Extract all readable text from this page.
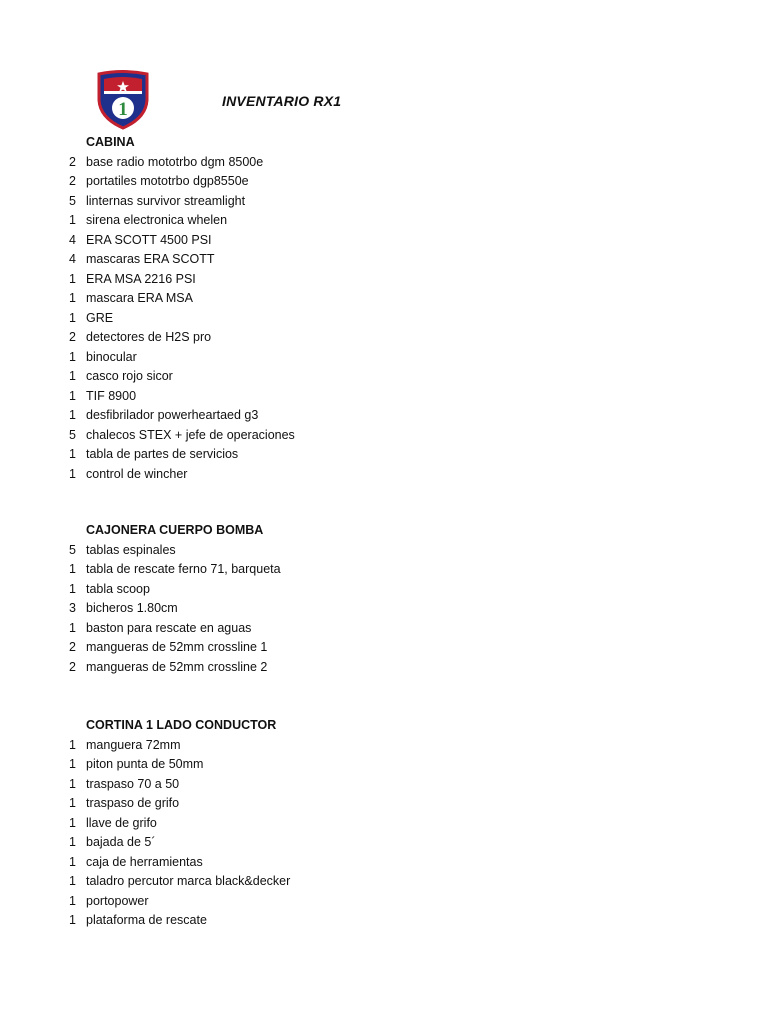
1	INVENTARIO RX1
CABINA
2 base radio mototrbo dgm 8500e
2 portatiles mototrbo dgp8550e
5 linternas survivor streamlight
1 sirena electronica whelen
4 ERA SCOTT 4500 PSI
4 mascaras ERA SCOTT
1 ERA MSA 2216 PSI
1 mascara ERA MSA
1 GRE
2 detectores de H2S pro
1 binocular
1 casco rojo sicor
1 TIF 8900
1 desfibrilador powerheartaed g3
5 chalecos STEX + jefe de operaciones
1 tabla de partes de servicios
1 control de wincher
CAJONERA CUERPO BOMBA
5 tablas espinales
1 tabla de rescate ferno 71, barqueta
1 tabla scoop
3 bicheros 1.80cm
1 baston para rescate en aguas
2 mangueras de 52mm crossline 1
2 mangueras de 52mm crossline 2
CORTINA 1 LADO CONDUCTOR
1 manguera 72mm
1 piton punta de 50mm
1 traspaso 70 a 50
1 traspaso de grifo
1 llave de grifo
1 bajada de 5´
1 caja de herramientas
1 taladro percutor marca black&decker
1 portopower
1 plataforma de rescate
